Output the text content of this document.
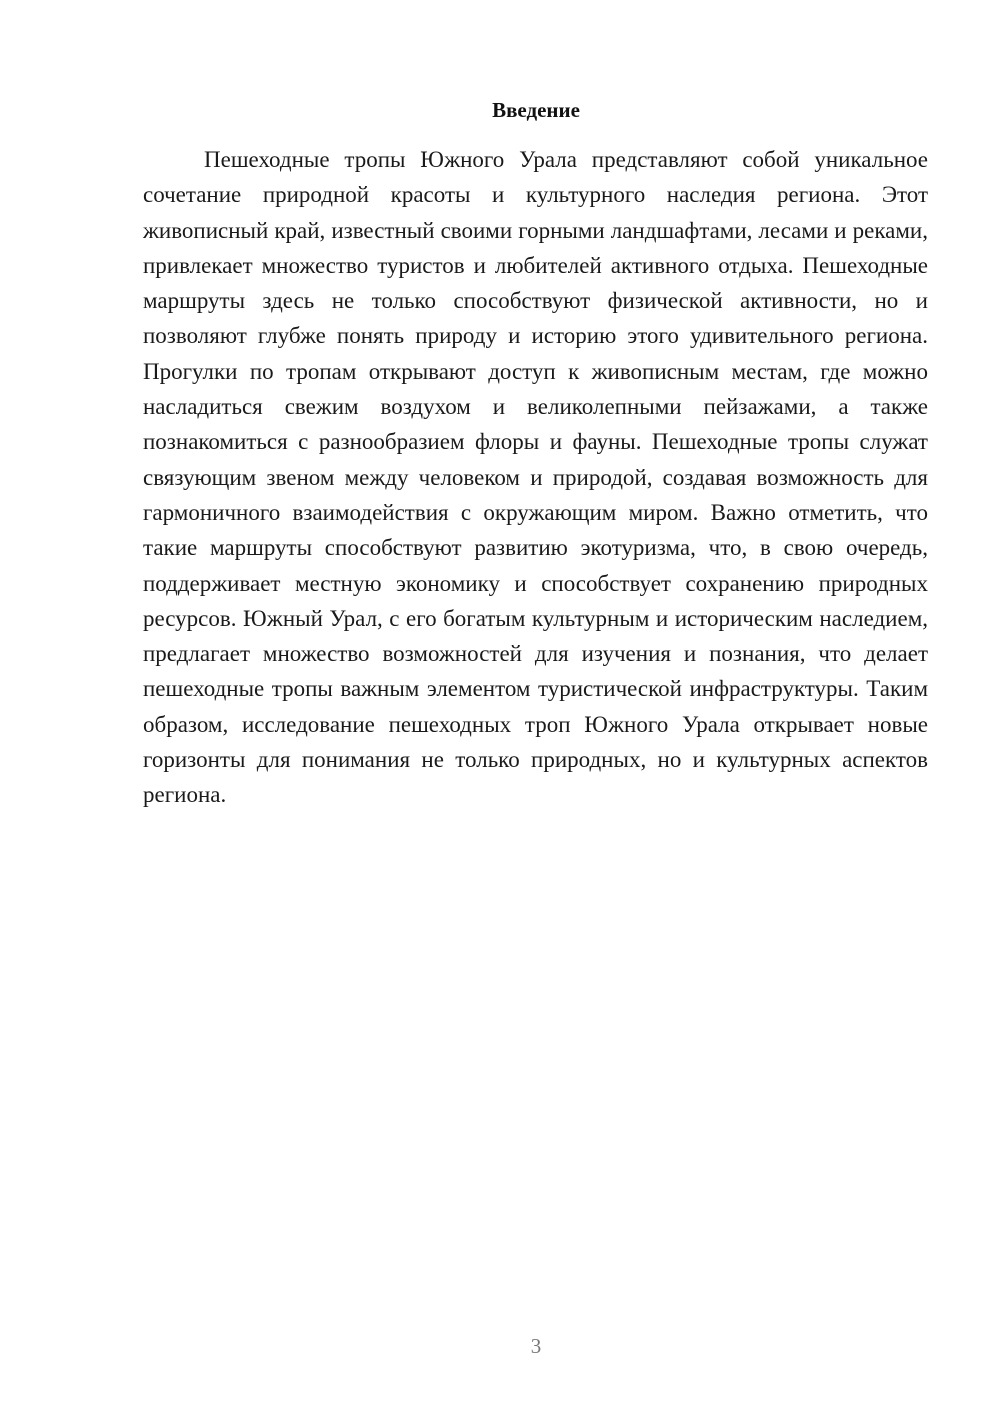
Введение

Пешеходные тропы Южного Урала представляют собой уникальное сочетание природной красоты и культурного наследия региона. Этот живописный край, известный своими горными ландшафтами, лесами и реками, привлекает множество туристов и любителей активного отдыха. Пешеходные маршруты здесь не только способствуют физической активности, но и позволяют глубже понять природу и историю этого удивительного региона. Прогулки по тропам открывают доступ к живописным местам, где можно насладиться свежим воздухом и великолепными пейзажами, а также познакомиться с разнообразием флоры и фауны. Пешеходные тропы служат связующим звеном между человеком и природой, создавая возможность для гармоничного взаимодействия с окружающим миром. Важно отметить, что такие маршруты способствуют развитию экотуризма, что, в свою очередь, поддерживает местную экономику и способствует сохранению природных ресурсов. Южный Урал, с его богатым культурным и историческим наследием, предлагает множество возможностей для изучения и познания, что делает пешеходные тропы важным элементом туристической инфраструктуры. Таким образом, исследование пешеходных троп Южного Урала открывает новые горизонты для понимания не только природных, но и культурных аспектов региона.

3
